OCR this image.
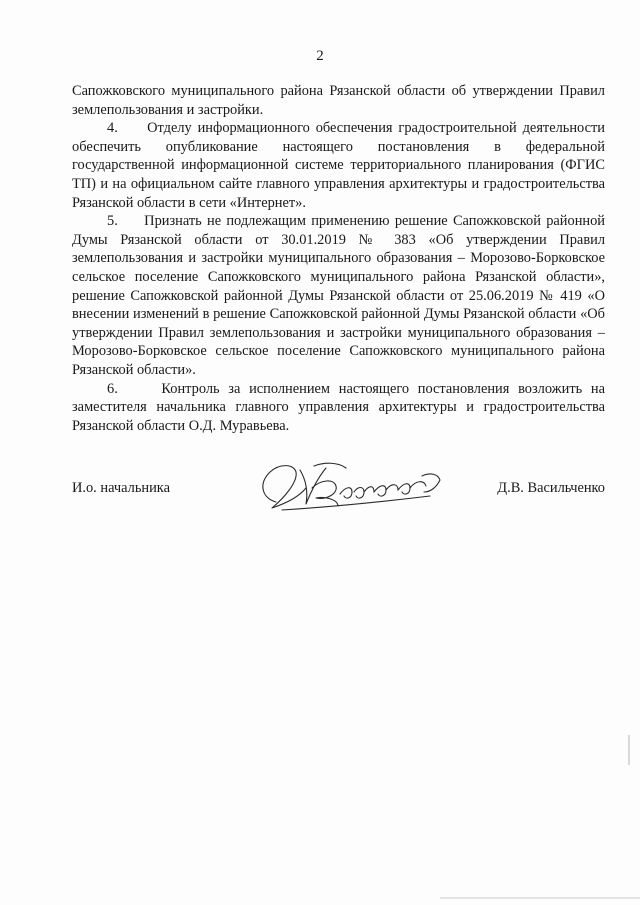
2

Сапожковского муниципального района Рязанской области об утверждении Правил землепользования и застройки.

4.     Отделу информационного обеспечения градостроительной деятельности обеспечить опубликование настоящего постановления в федеральной государственной информационной системе территориального планирования (ФГИС ТП) и на официальном сайте главного управления архитектуры и градостроительства Рязанской области в сети «Интернет».

5.     Признать не подлежащим применению решение Сапожковской районной Думы Рязанской области от 30.01.2019 № 383 «Об утверждении Правил землепользования и застройки муниципального образования – Морозово-Борковское сельское поселение Сапожковского муниципального района Рязанской области», решение Сапожковской районной Думы Рязанской области от 25.06.2019 № 419 «О внесении изменений в решение Сапожковской районной Думы Рязанской области «Об утверждении Правил землепользования и застройки муниципального образования – Морозово-Борковское сельское поселение Сапожковского муниципального района Рязанской области».

6.     Контроль за исполнением настоящего постановления возложить на заместителя начальника главного управления архитектуры и градостроительства Рязанской области О.Д. Муравьева.

И.о. начальника	Д.В. Васильченко
